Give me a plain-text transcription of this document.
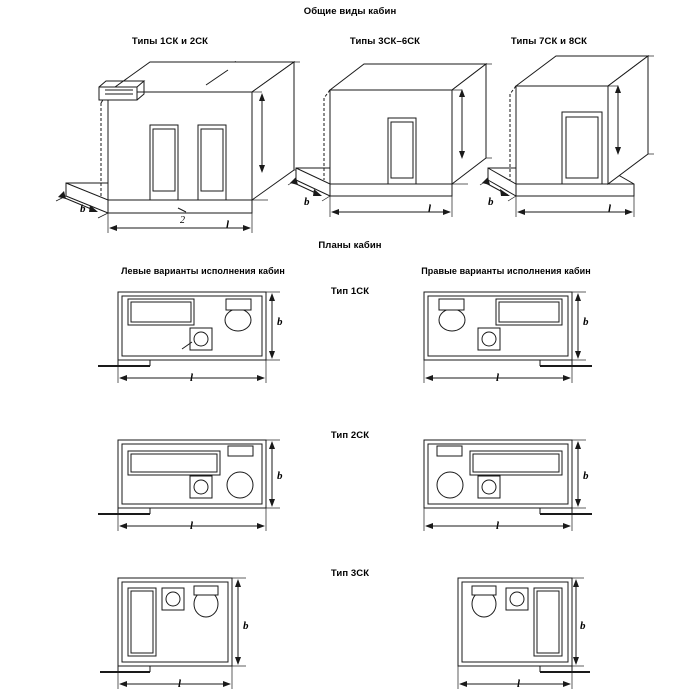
Общие виды кабин
Типы 1СК и 2СК	Типы 3СК–6СК	Типы 7СК и 8СК
Планы кабин
Левые варианты исполнения кабин	Правые варианты исполнения кабин
Тип 1СК
Тип 2СК
Тип 3СК
2
b
l
b
l
b
l
b
l
b
l
b
l
b
l
b
l
b
l
